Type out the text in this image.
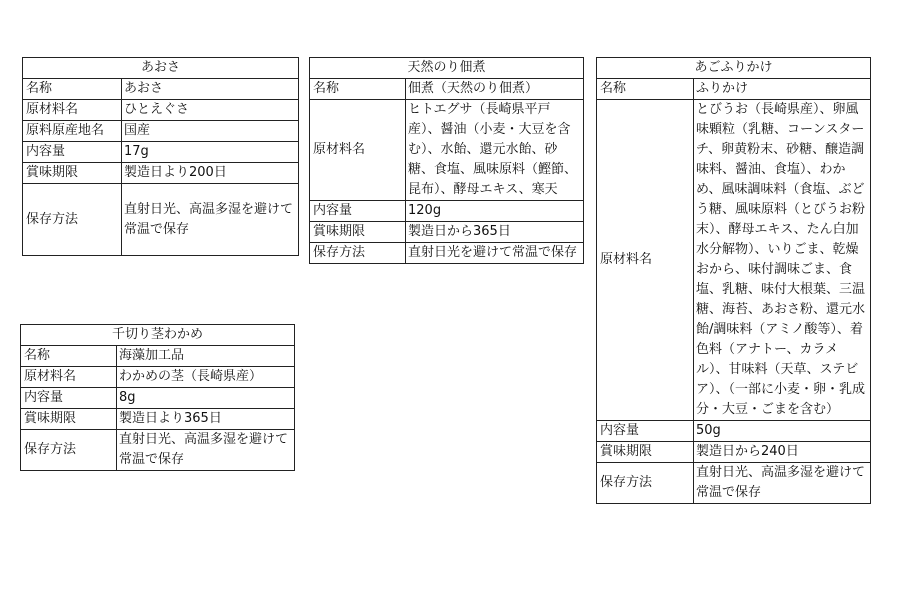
あおさ	
名称	あおさ
原材料名	ひとえぐさ
原料原産地名	国産
内容量	17g
賞味期限	製造日より200日
保存方法	直射日光、高温多湿を避けて常温で保存
天然のり佃煮	
名称	佃煮（天然のり佃煮）
原材料名	ヒトエグサ（長崎県平戸産）、醤油（小麦・大豆を含む）、水飴、還元水飴、砂糖、食塩、風味原料（鰹節、昆布）、酵母エキス、寒天
内容量	120g
賞味期限	製造日から365日
保存方法	直射日光を避けて常温で保存
あごふりかけ	
名称	ふりかけ
原材料名	とびうお（長崎県産）、卵風味顆粒（乳糖、コーンスターチ、卵黄粉末、砂糖、醸造調味料、醤油、食塩）、わかめ、風味調味料（食塩、ぶどう糖、風味原料（とびうお粉末）、酵母エキス、たん白加水分解物）、いりごま、乾燥おから、味付調味ごま、食塩、乳糖、味付大根葉、三温糖、海苔、あおさ粉、還元水飴/調味料（アミノ酸等）、着色料（アナトー、カラメル）、甘味料（天草、ステビア）、（一部に小麦・卵・乳成分・大豆・ごまを含む）
内容量	50g
賞味期限	製造日から240日
保存方法	直射日光、高温多湿を避けて常温で保存
千切り茎わかめ	
名称	海藻加工品
原材料名	わかめの茎（長崎県産）
内容量	8g
賞味期限	製造日より365日
保存方法	直射日光、高温多湿を避けて常温で保存
